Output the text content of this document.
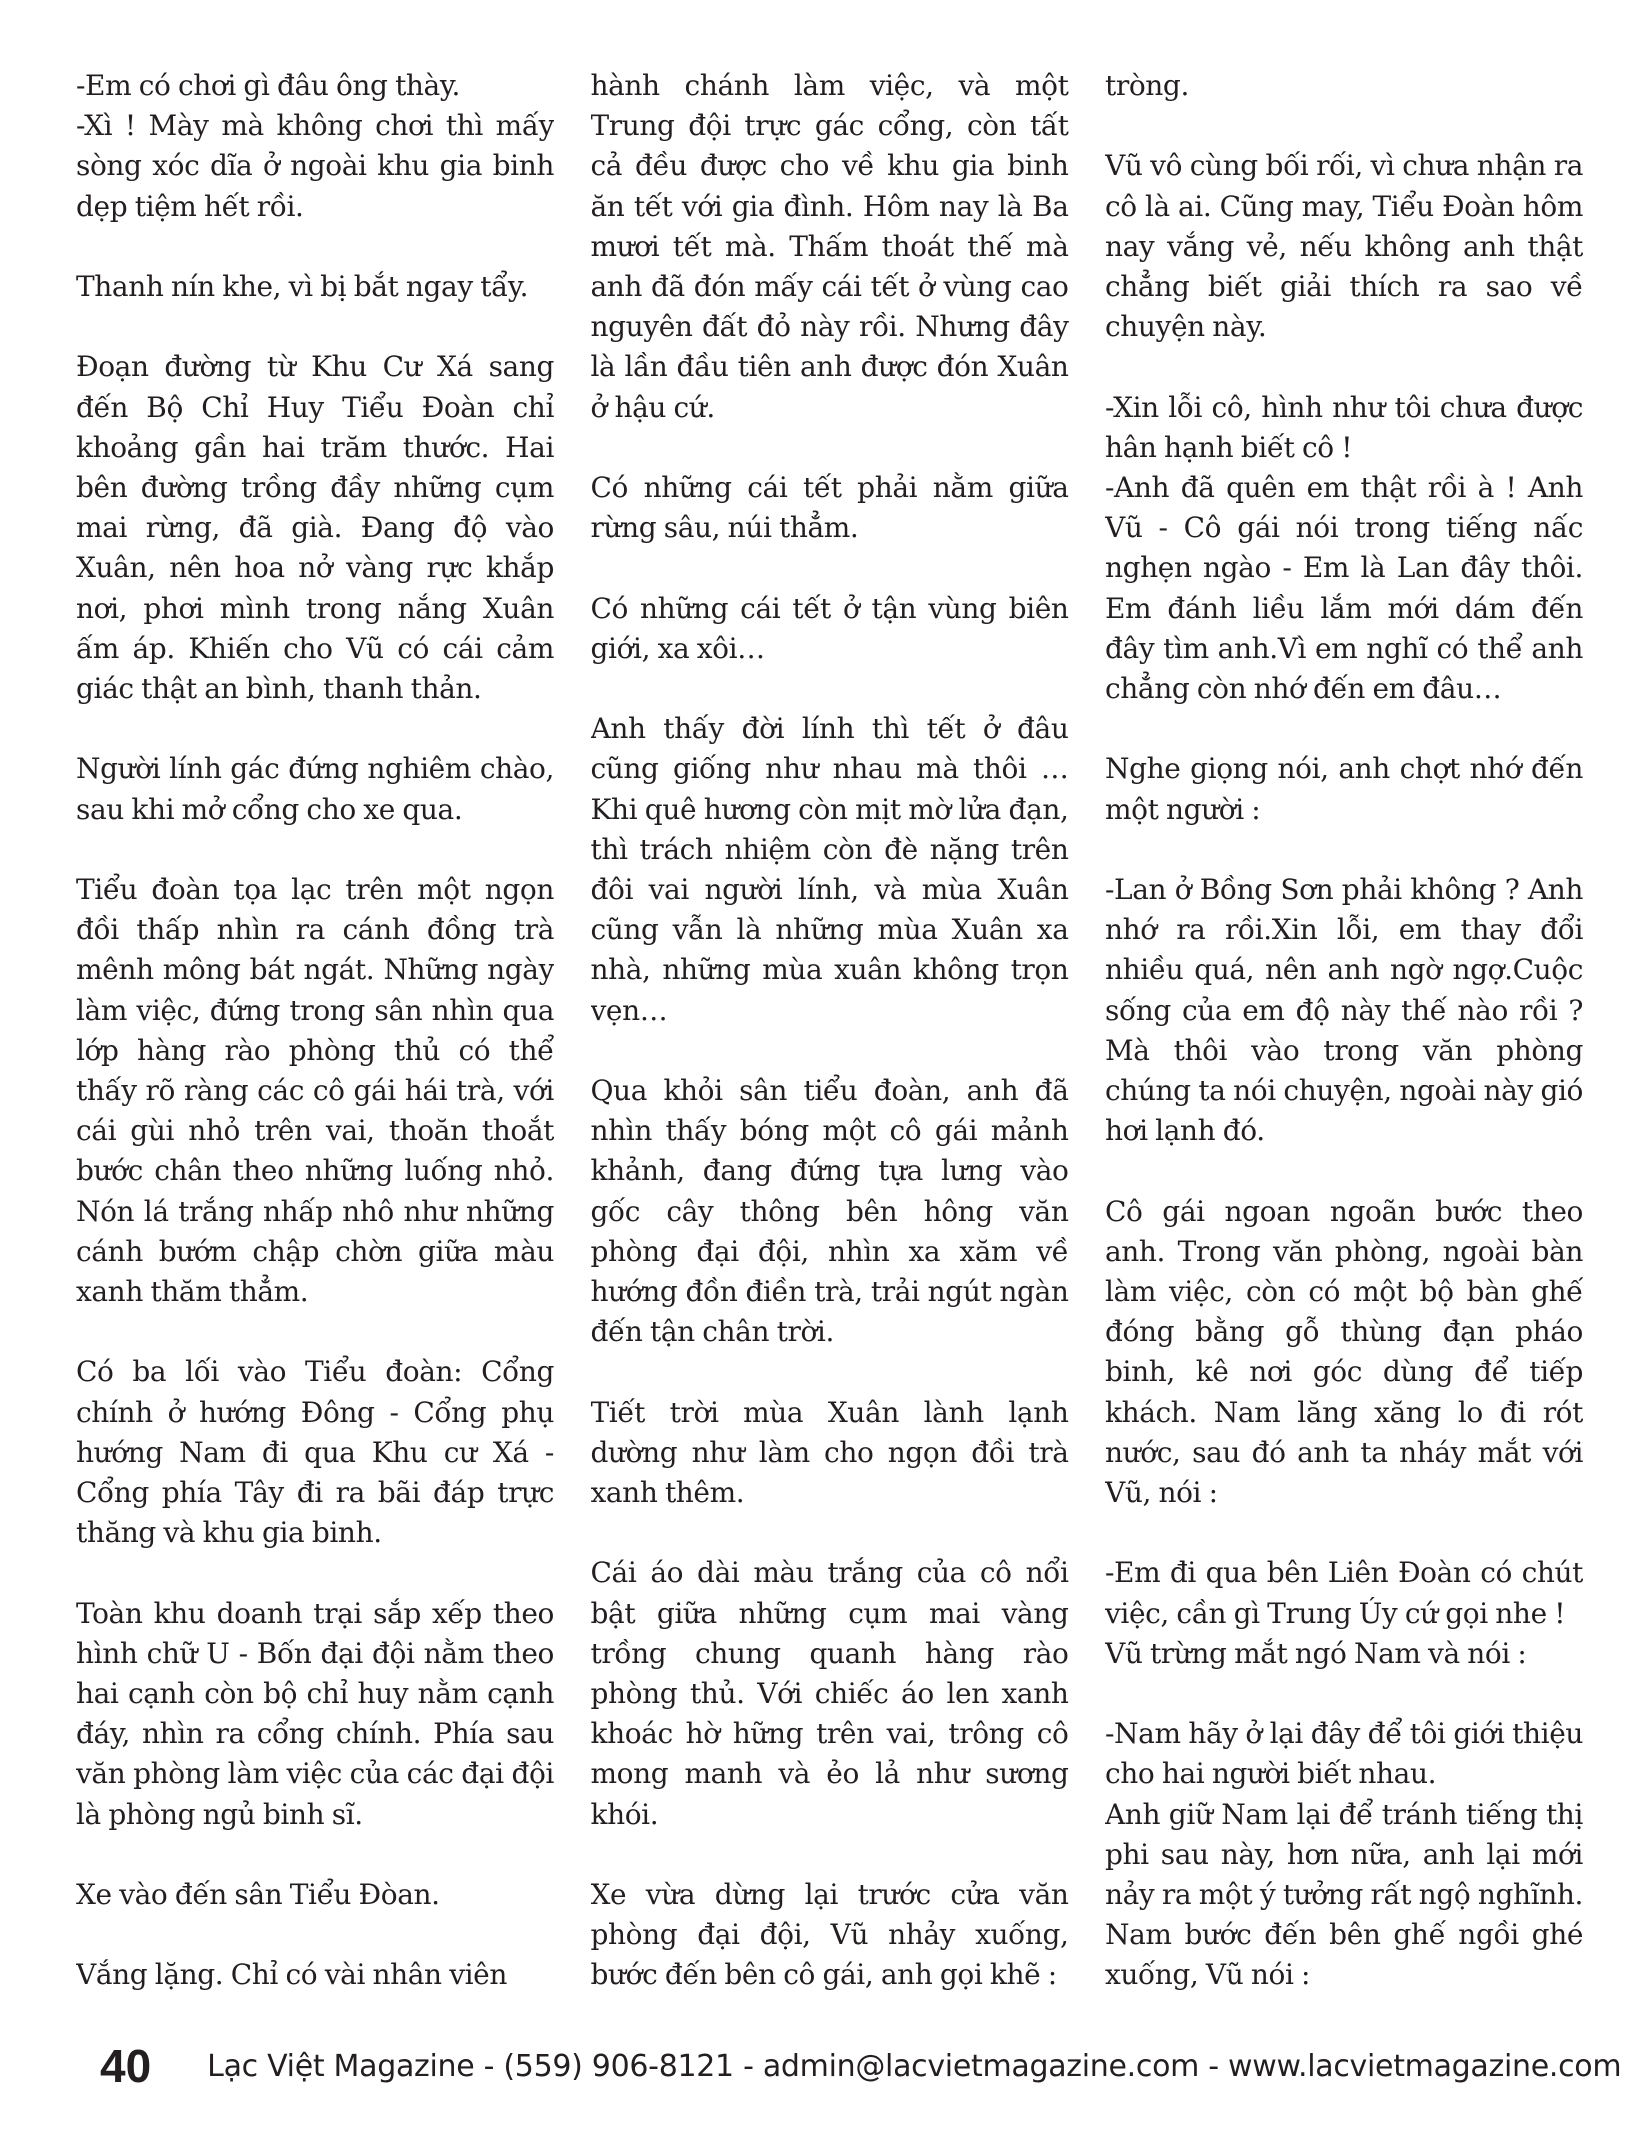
-Em có chơi gì đâu ông thày.
-Xì ! Mày mà không chơi thì mấy sòng xóc dĩa ở ngoài khu gia binh dẹp tiệm hết rồi.

Thanh nín khe, vì bị bắt ngay tẩy.

Đoạn đường từ Khu Cư Xá sang đến Bộ Chỉ Huy Tiểu Đoàn chỉ khoảng gần hai trăm thước. Hai bên đường trồng đầy những cụm mai rừng, đã già. Đang độ vào Xuân, nên hoa nở vàng rực khắp nơi, phơi mình trong nắng Xuân ấm áp. Khiến cho Vũ có cái cảm giác thật an bình, thanh thản.

Người lính gác đứng nghiêm chào, sau khi mở cổng cho xe qua.

Tiểu đoàn tọa lạc trên một ngọn đồi thấp nhìn ra cánh đồng trà mênh mông bát ngát. Những ngày làm việc, đứng trong sân nhìn qua lớp hàng rào phòng thủ có thể thấy rõ ràng các cô gái hái trà, với cái gùi nhỏ trên vai, thoăn thoắt bước chân theo những luống nhỏ. Nón lá trắng nhấp nhô như những cánh bướm chập chờn giữa màu xanh thăm thẳm.

Có ba lối vào Tiểu đoàn: Cổng chính ở hướng Đông - Cổng phụ hướng Nam đi qua Khu cư Xá - Cổng phía Tây đi ra bãi đáp trực thăng và khu gia binh.

Toàn khu doanh trại sắp xếp theo hình chữ U - Bốn đại đội nằm theo hai cạnh còn bộ chỉ huy nằm cạnh đáy, nhìn ra cổng chính. Phía sau văn phòng làm việc của các đại đội là phòng ngủ binh sĩ.

Xe vào đến sân Tiểu Đòan.

Vắng lặng. Chỉ có vài nhân viên

hành chánh làm việc, và một Trung đội trực gác cổng, còn tất cả đều được cho về khu gia binh ăn tết với gia đình. Hôm nay là Ba mươi tết mà. Thấm thoát thế mà anh đã đón mấy cái tết ở vùng cao nguyên đất đỏ này rồi. Nhưng đây là lần đầu tiên anh được đón Xuân ở hậu cứ.

Có những cái tết phải nằm giữa rừng sâu, núi thẳm.

Có những cái tết ở tận vùng biên giới, xa xôi…

Anh thấy đời lính thì tết ở đâu cũng giống như nhau mà thôi …Khi quê hương còn mịt mờ lửa đạn, thì trách nhiệm còn đè nặng trên đôi vai người lính, và mùa Xuân cũng vẫn là những mùa Xuân xa nhà, những mùa xuân không trọn vẹn…

Qua khỏi sân tiểu đoàn, anh đã nhìn thấy bóng một cô gái mảnh khảnh, đang đứng tựa lưng vào gốc cây thông bên hông văn phòng đại đội, nhìn xa xăm về hướng đồn điền trà, trải ngút ngàn đến tận chân trời.

Tiết trời mùa Xuân lành lạnh dường như làm cho ngọn đồi trà xanh thêm.

Cái áo dài màu trắng của cô nổi bật giữa những cụm mai vàng trồng chung quanh hàng rào phòng thủ. Với chiếc áo len xanh khoác hờ hững trên vai, trông cô mong manh và ẻo lả như sương khói.

Xe vừa dừng lại trước cửa văn phòng đại đội, Vũ nhảy xuống, bước đến bên cô gái, anh gọi khẽ :

tròng.

Vũ vô cùng bối rối, vì chưa nhận ra cô là ai. Cũng may, Tiểu Đoàn hôm nay vắng vẻ, nếu không anh thật chẳng biết giải thích ra sao về chuyện này.

-Xin lỗi cô, hình như tôi chưa được hân hạnh biết cô !
-Anh đã quên em thật rồi à ! Anh Vũ - Cô gái nói trong tiếng nấc nghẹn ngào - Em là Lan đây thôi. Em đánh liều lắm mới dám đến đây tìm anh.Vì em nghĩ có thể anh chẳng còn nhớ đến em đâu…

Nghe giọng nói, anh chợt nhớ đến một người :

-Lan ở Bồng Sơn phải không ? Anh nhớ ra rồi.Xin lỗi, em thay đổi nhiều quá, nên anh ngờ ngợ.Cuộc sống của em độ này thế nào rồi ? Mà thôi vào trong văn phòng chúng ta nói chuyện, ngoài này gió hơi lạnh đó.

Cô gái ngoan ngoãn bước theo anh. Trong văn phòng, ngoài bàn làm việc, còn có một bộ bàn ghế đóng bằng gỗ thùng đạn pháo binh, kê nơi góc dùng để tiếp khách. Nam lăng xăng lo đi rót nước, sau đó anh ta nháy mắt với Vũ, nói :

-Em đi qua bên Liên Đoàn có chút việc, cần gì Trung Úy cứ gọi nhe !
Vũ trừng mắt ngó Nam và nói :

-Nam hãy ở lại đây để tôi giới thiệu cho hai người biết nhau.
Anh giữ Nam lại để tránh tiếng thị phi sau này, hơn nữa, anh lại mới nảy ra một ý tưởng rất ngộ nghĩnh. Nam bước đến bên ghế ngồi ghé xuống, Vũ nói :

40 Lạc Việt Magazine - (559) 906-8121 - admin@lacvietmagazine.com - www.lacvietmagazine.com
